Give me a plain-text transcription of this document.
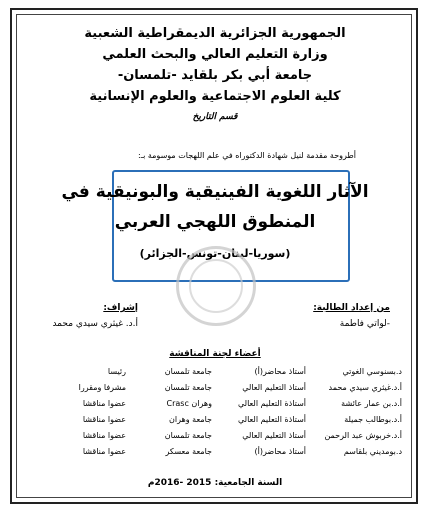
الجمهورية الجزائرية الديمقراطية الشعبية
وزارة التعليم العالي والبحث العلمي
جامعة أبي بكر بلقايد -تلمسان-
كلية العلوم الاجتماعية والعلوم الإنسانية
قسم التاريخ
أطروحة مقدمة لنيل شهادة الدكتوراه في علم اللهجات موسومة بـ:
الآثار اللغوية الفينيقية والبونيقية في
المنطوق اللهجي العربي
(سوريا-لبنان-تونس-الجزائر)
من إعداد الطالبة:
-لواتي فاطمة
إشراف:
أ.د. غيثري سيدي محمد
أعضاء لجنة المناقشة
د.بسنوسي الغوتي
أستاذ محاضر(أ)
جامعة تلمسان
رئيسا
أ.د.غيثري سيدي محمد
أستاذ التعليم العالي
جامعة تلمسان
مشرفا ومقررا
أ.د.بن عمار عائشة
أستاذة التعليم العالي
وهران Crasc
عضوا مناقشا
أ.د.بوطالب جميلة
أستاذة التعليم العالي
جامعة وهران
عضوا مناقشا
أ.د.خربوش عبد الرحمن
أستاذ التعليم العالي
جامعة تلمسان
عضوا مناقشا
د.بومديني بلقاسم
أستاذ محاضر(أ)
جامعة معسكر
عضوا مناقشا
السنة الجامعية: 2015 -2016م
